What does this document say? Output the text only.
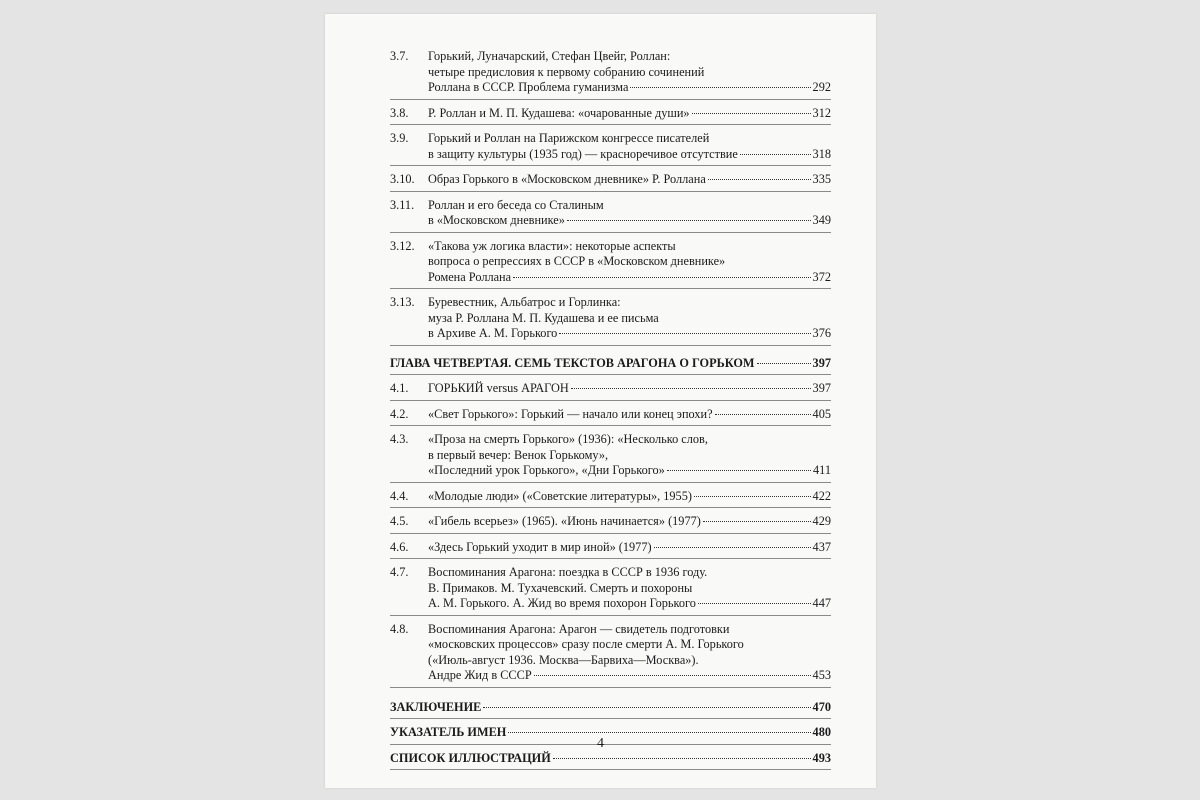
3.7. Горький, Луначарский, Стефан Цвейг, Роллан:
четыре предисловия к первому собранию сочинений
Роллана в СССР. Проблема гуманизма	292
3.8. Р. Роллан и М. П. Кудашева: «очарованные души»	312
3.9. Горький и Роллан на Парижском конгрессе писателей
в защиту культуры (1935 год) — красноречивое отсутствие	318
3.10. Образ Горького в «Московском дневнике» Р. Роллана	335
3.11. Роллан и его беседа со Сталиным
в «Московском дневнике»	349
3.12. «Такова уж логика власти»: некоторые аспекты
вопроса о репрессиях в СССР в «Московском дневнике»
Ромена Роллана	372
3.13. Буревестник, Альбатрос и Горлинка:
муза Р. Роллана М. П. Кудашева и ее письма
в Архиве А. М. Горького	376
ГЛАВА ЧЕТВЕРТАЯ. СЕМЬ ТЕКСТОВ АРАГОНА О ГОРЬКОМ	397
4.1. ГОРЬКИЙ versus АРАГОН	397
4.2. «Свет Горького»: Горький — начало или конец эпохи?	405
4.3. «Проза на смерть Горького» (1936): «Несколько слов,
в первый вечер: Венок Горькому»,
«Последний урок Горького», «Дни Горького»	411
4.4. «Молодые люди» («Советские литературы», 1955)	422
4.5. «Гибель всерьез» (1965). «Июнь начинается» (1977)	429
4.6. «Здесь Горький уходит в мир иной» (1977)	437
4.7. Воспоминания Арагона: поездка в СССР в 1936 году.
В. Примаков. М. Тухачевский. Смерть и похороны
А. М. Горького. А. Жид во время похорон Горького	447
4.8. Воспоминания Арагона: Арагон — свидетель подготовки
«московских процессов» сразу после смерти А. М. Горького
(«Июль-август 1936. Москва—Барвиха—Москва»).
Андре Жид в СССР	453
ЗАКЛЮЧЕНИЕ	470
УКАЗАТЕЛЬ ИМЕН	480
СПИСОК ИЛЛЮСТРАЦИЙ	493
4
